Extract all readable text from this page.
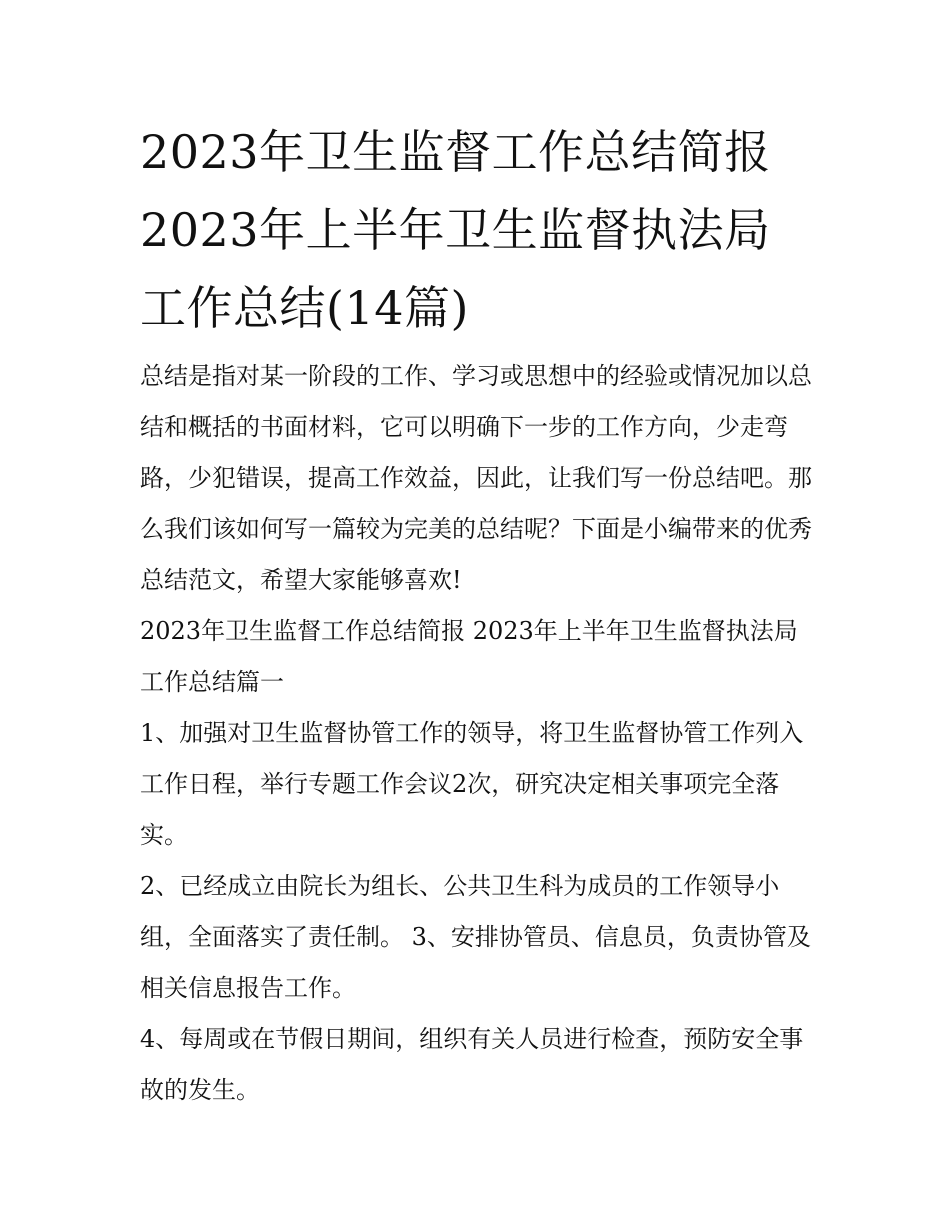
2023年卫生监督工作总结简报
2023年上半年卫生监督执法局
工作总结(14篇)

总结是指对某一阶段的工作、学习或思想中的经验或情况加以总结和概括的书面材料，它可以明确下一步的工作方向，少走弯路，少犯错误，提高工作效益，因此，让我们写一份总结吧。那么我们该如何写一篇较为完美的总结呢？下面是小编带来的优秀总结范文，希望大家能够喜欢!

2023年卫生监督工作总结简报 2023年上半年卫生监督执法局工作总结篇一

1、加强对卫生监督协管工作的领导，将卫生监督协管工作列入工作日程，举行专题工作会议2次，研究决定相关事项完全落实。

2、已经成立由院长为组长、公共卫生科为成员的工作领导小组，全面落实了责任制。 3、安排协管员、信息员，负责协管及相关信息报告工作。

4、每周或在节假日期间，组织有关人员进行检查，预防安全事故的发生。
